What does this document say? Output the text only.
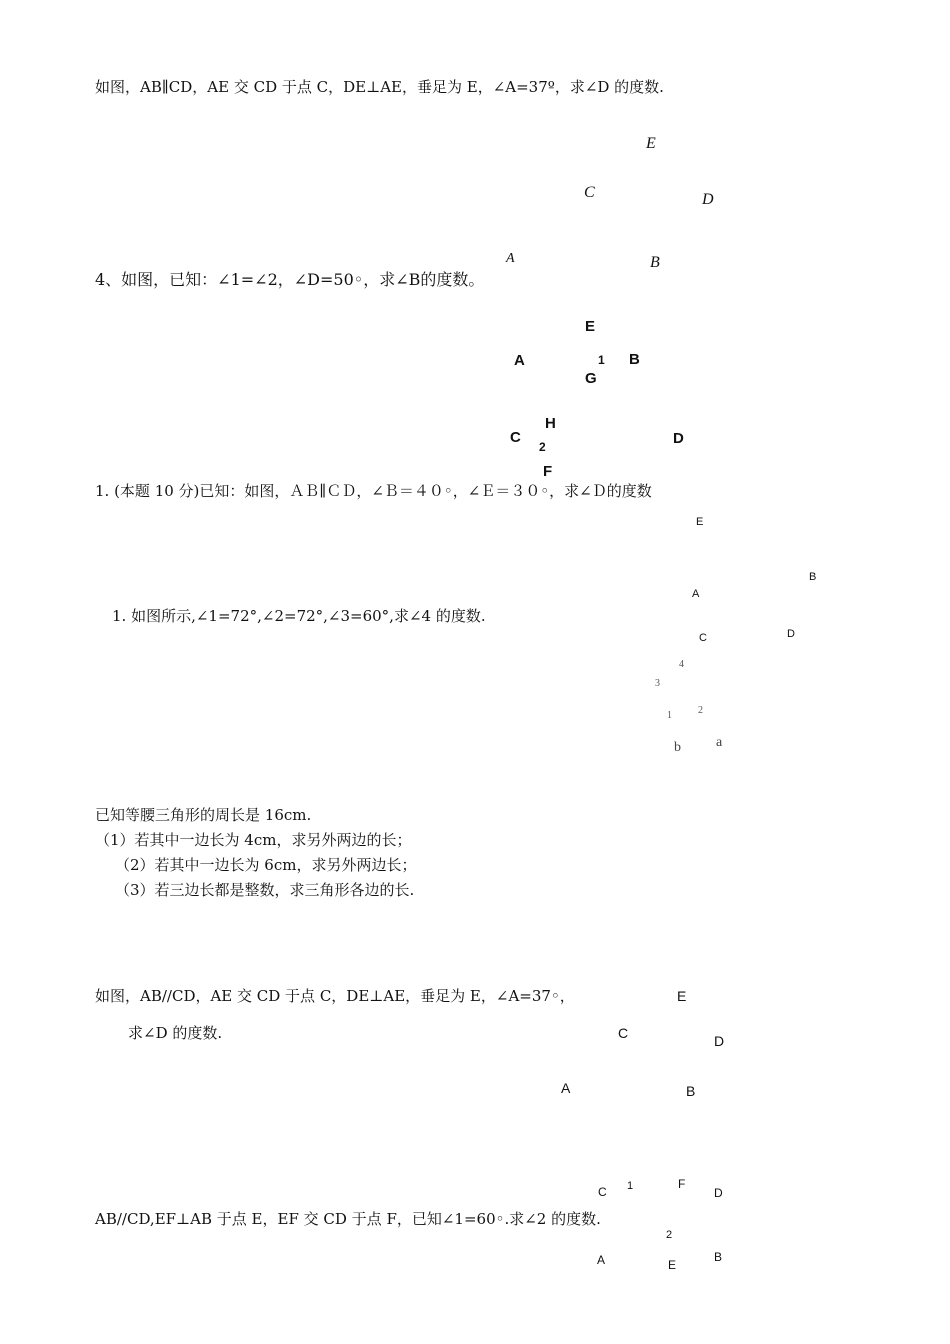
如图，AB∥CD，AE 交 CD 于点 C，DE⊥AE，垂足为 E，∠A=37º，求∠D 的度数.
E
C	D
A	B
4、如图，已知：∠1=∠2，∠D=50◦，求∠B的度数。
E
A	1 B
G
H
C
2	D
F
1. (本题 10 分)已知：如图，ＡＢ∥ＣＤ，∠Ｂ＝４０◦，∠Ｅ＝３０◦，求∠Ｄ的度数
E
B
A
C	D
1. 如图所示,∠1=72°,∠2=72°,∠3=60°,求∠4 的度数.
4
3
1	2
b	a
已知等腰三角形的周长是 16cm.
（1）若其中一边长为 4cm，求另外两边的长；
（2）若其中一边长为 6cm，求另外两边长；
（3）若三边长都是整数，求三角形各边的长.
如图，AB//CD，AE 交 CD 于点 C，DE⊥AE，垂足为 E，∠A=37◦，
求∠D 的度数.
E
C	D
A	B
AB//CD,EF⊥AB 于点 E，EF 交 CD 于点 F，已知∠1=60◦.求∠2 的度数.
C 1	F
D
2
A	E
B
